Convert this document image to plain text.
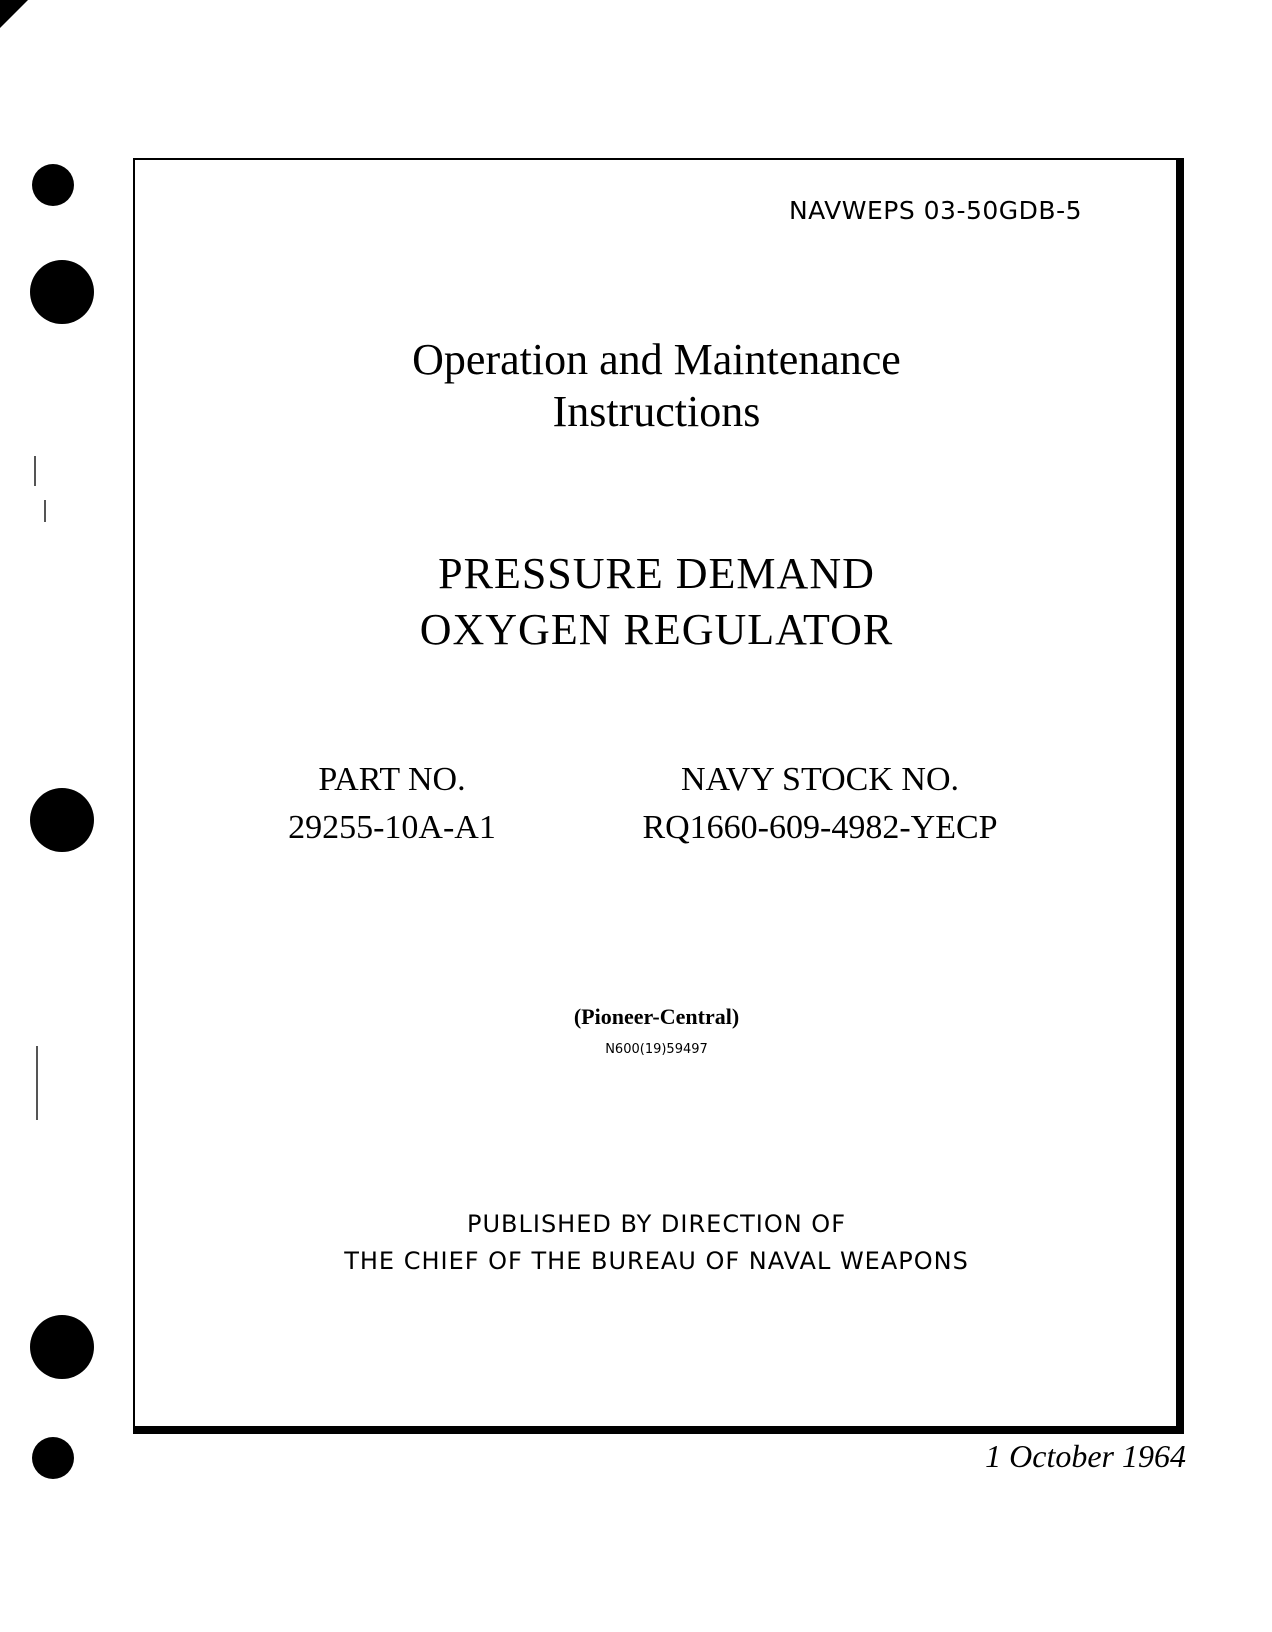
NAVWEPS 03-50GDB-5
Operation and Maintenance
Instructions
PRESSURE DEMAND
OXYGEN REGULATOR
PART NO.
29255-10A-A1
NAVY STOCK NO.
RQ1660-609-4982-YECP
(Pioneer-Central)
N600(19)59497
PUBLISHED BY DIRECTION OF
THE CHIEF OF THE BUREAU OF NAVAL WEAPONS
1 October 1964
